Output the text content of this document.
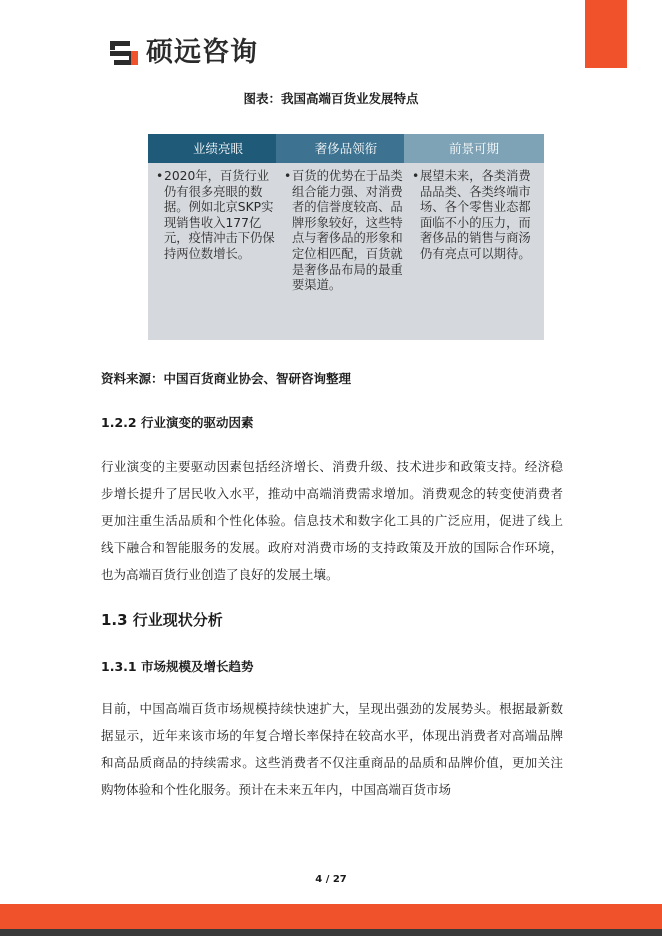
硕远咨询
图表：我国高端百货业发展特点
业绩亮眼
• 2020年，百货行业仍有很多亮眼的数据。例如北京SKP实现销售收入177亿元，疫情冲击下仍保持两位数增长。
奢侈品领衔
• 百货的优势在于品类组合能力强、对消费者的信誉度较高、品牌形象较好，这些特点与奢侈品的形象和定位相匹配，百货就是奢侈品布局的最重要渠道。
前景可期
• 展望未来，各类消费品品类、各类终端市场、各个零售业态都面临不小的压力，而奢侈品的销售与商汤仍有亮点可以期待。
资料来源：中国百货商业协会、智研咨询整理
1.2.2 行业演变的驱动因素

行业演变的主要驱动因素包括经济增长、消费升级、技术进步和政策支持。经济稳步增长提升了居民收入水平，推动中高端消费需求增加。消费观念的转变使消费者更加注重生活品质和个性化体验。信息技术和数字化工具的广泛应用，促进了线上线下融合和智能服务的发展。政府对消费市场的支持政策及开放的国际合作环境，也为高端百货行业创造了良好的发展土壤。

1.3 行业现状分析
1.3.1 市场规模及增长趋势

目前，中国高端百货市场规模持续快速扩大，呈现出强劲的发展势头。根据最新数据显示，近年来该市场的年复合增长率保持在较高水平，体现出消费者对高端品牌和高品质商品的持续需求。这些消费者不仅注重商品的品质和品牌价值，更加关注购物体验和个性化服务。预计在未来五年内，中国高端百货市场

4 / 27
